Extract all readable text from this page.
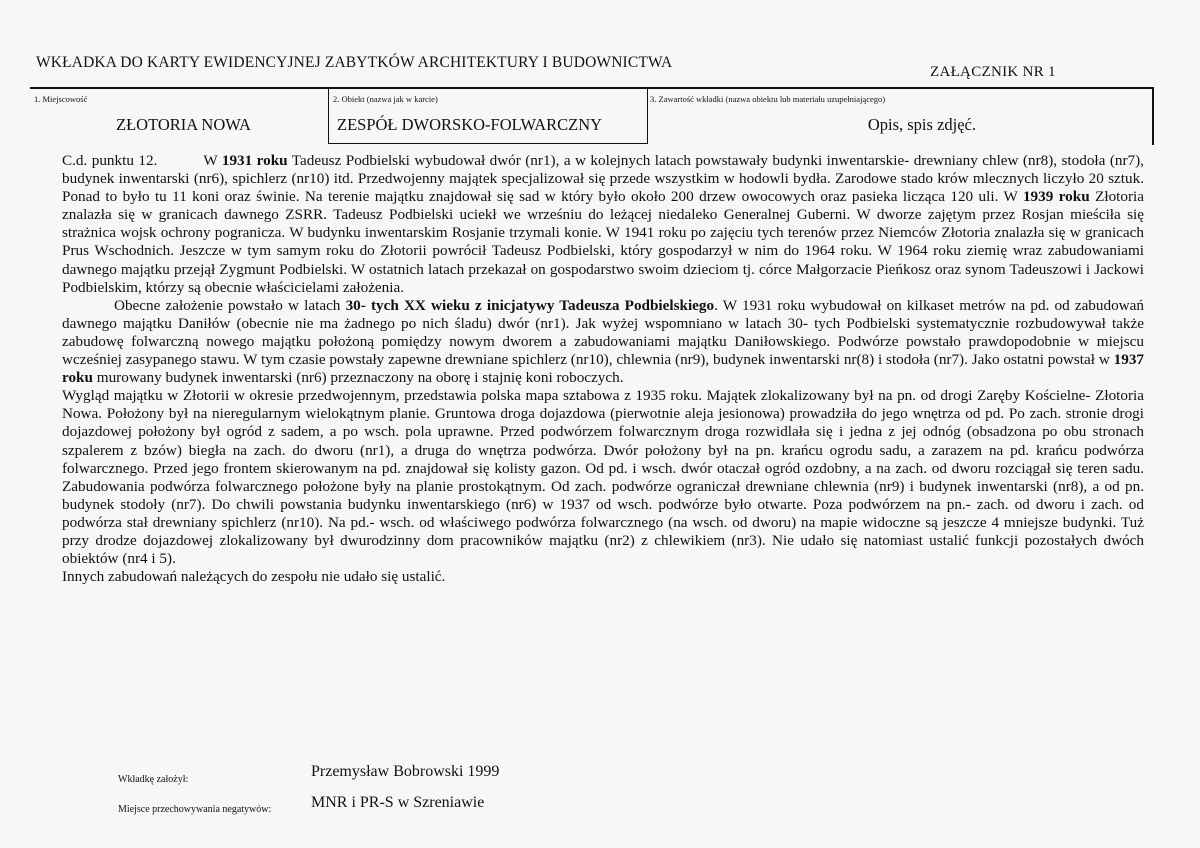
WKŁADKA DO KARTY EWIDENCYJNEJ ZABYTKÓW ARCHITEKTURY I BUDOWNICTWA
ZAŁĄCZNIK NR 1
1. Miejscowość
ZŁOTORIA NOWA
2. Obiekt (nazwa jak w karcie)
ZESPÓŁ DWORSKO-FOLWARCZNY
3. Zawartość wkładki (nazwa obiektu lub materiału uzupełniającego)
Opis, spis zdjęć.

C.d. punktu 12.	W 1931 roku Tadeusz Podbielski wybudował dwór (nr1), a w kolejnych latach powstawały budynki inwentarskie- drewniany chlew (nr8), stodoła (nr7), budynek inwentarski (nr6), spichlerz (nr10) itd. Przedwojenny majątek specjalizował się przede wszystkim w hodowli bydła. Zarodowe stado krów mlecznych liczyło 20 sztuk. Ponad to było tu 11 koni oraz świnie. Na terenie majątku znajdował się sad w który było około 200 drzew owocowych oraz pasieka licząca 120 uli. W 1939 roku Złotoria znalazła się w granicach dawnego ZSRR. Tadeusz Podbielski uciekł we wrześniu do leżącej niedaleko Generalnej Guberni. W dworze zajętym przez Rosjan mieściła się strażnica wojsk ochrony pogranicza. W budynku inwentarskim Rosjanie trzymali konie. W 1941 roku po zajęciu tych terenów przez Niemców Złotoria znalazła się w granicach Prus Wschodnich. Jeszcze w tym samym roku do Złotorii powrócił Tadeusz Podbielski, który gospodarzył w nim do 1964 roku. W 1964 roku ziemię wraz zabudowaniami dawnego majątku przejął Zygmunt Podbielski. W ostatnich latach przekazał on gospodarstwo swoim dzieciom tj. córce Małgorzacie Pieńkosz oraz synom Tadeuszowi i Jackowi Podbielskim, którzy są obecnie właścicielami założenia.

Obecne założenie powstało w latach 30- tych XX wieku z inicjatywy Tadeusza Podbielskiego. W 1931 roku wybudował on kilkaset metrów na pd. od zabudowań dawnego majątku Daniłów (obecnie nie ma żadnego po nich śladu) dwór (nr1). Jak wyżej wspomniano w latach 30- tych Podbielski systematycznie rozbudowywał także zabudowę folwarczną nowego majątku położoną pomiędzy nowym dworem a zabudowaniami majątku Daniłowskiego. Podwórze powstało prawdopodobnie w miejscu wcześniej zasypanego stawu. W tym czasie powstały zapewne drewniane spichlerz (nr10), chlewnia (nr9), budynek inwentarski nr(8) i stodoła (nr7). Jako ostatni powstał w 1937 roku murowany budynek inwentarski (nr6) przeznaczony na oborę i stajnię koni roboczych.

Wygląd majątku w Złotorii w okresie przedwojennym, przedstawia polska mapa sztabowa z 1935 roku. Majątek zlokalizowany był na pn. od drogi Zaręby Kościelne- Złotoria Nowa. Położony był na nieregularnym wielokątnym planie. Gruntowa droga dojazdowa (pierwotnie aleja jesionowa) prowadziła do jego wnętrza od pd. Po zach. stronie drogi dojazdowej położony był ogród z sadem, a po wsch. pola uprawne. Przed podwórzem folwarcznym droga rozwidlała się i jedna z jej odnóg (obsadzona po obu stronach szpalerem z bzów) biegła na zach. do dworu (nr1), a druga do wnętrza podwórza. Dwór położony był na pn. krańcu ogrodu sadu, a zarazem na pd. krańcu podwórza folwarcznego. Przed jego frontem skierowanym na pd. znajdował się kolisty gazon. Od pd. i wsch. dwór otaczał ogród ozdobny, a na zach. od dworu rozciągał się teren sadu. Zabudowania podwórza folwarcznego położone były na planie prostokątnym. Od zach. podwórze ograniczał drewniane chlewnia (nr9) i budynek inwentarski (nr8), a od pn. budynek stodoły (nr7). Do chwili powstania budynku inwentarskiego (nr6) w 1937 od wsch. podwórze było otwarte. Poza podwórzem na pn.- zach. od dworu i zach. od podwórza stał drewniany spichlerz (nr10). Na pd.- wsch. od właściwego podwórza folwarcznego (na wsch. od dworu) na mapie widoczne są jeszcze 4 mniejsze budynki. Tuż przy drodze dojazdowej zlokalizowany był dwurodzinny dom pracowników majątku (nr2) z chlewikiem (nr3). Nie udało się natomiast ustalić funkcji pozostałych dwóch obiektów (nr4 i 5).

Innych zabudowań należących do zespołu nie udało się ustalić.

Wkładkę założył:	Przemysław Bobrowski 1999
Miejsce przechowywania negatywów: MNR i PR-S w Szreniawie
